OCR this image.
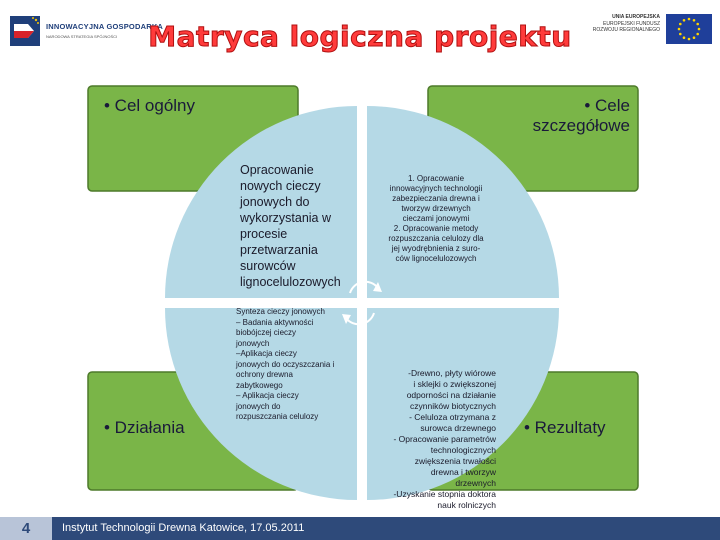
INNOWACYJNA GOSPODARKA
NARODOWA STRATEGIA SPÓJNOŚCI
UNIA EUROPEJSKA
EUROPEJSKI FUNDUSZ
ROZWOJU REGIONALNEGO
Matryca logiczna projektu
• Cel ogólny	• Cele szczegółowe
• Działania	• Rezultaty
Opracowanie
nowych cieczy
jonowych do
wykorzystania w
procesie
przetwarzania
surowców
lignocelulozowych
1. Opracowanie
innowacyjnych technologii
zabezpieczania drewna i
tworzyw drzewnych
cieczami jonowymi
2. Opracowanie metody
rozpuszczania celulozy dla
jej wyodrębnienia z suro-
ców lignocelulozowych
Synteza cieczy jonowych
– Badania aktywności
biobójczej cieczy
jonowych
–Aplikacja cieczy
jonowych do oczyszczania i
ochrony drewna
zabytkowego
– Aplikacja cieczy
jonowych do
rozpuszczania celulozy
-Drewno, płyty wiórowe
i sklejki o zwiększonej
odporności na działanie
czynników biotycznych
- Celuloza otrzymana z
surowca drzewnego
- Opracowanie parametrów
technologicznych
zwiększenia trwałości
drewna i tworzyw
drzewnych
-Uzyskanie stopnia doktora
nauk rolniczych
4	Instytut Technologii Drewna Katowice, 17.05.2011
